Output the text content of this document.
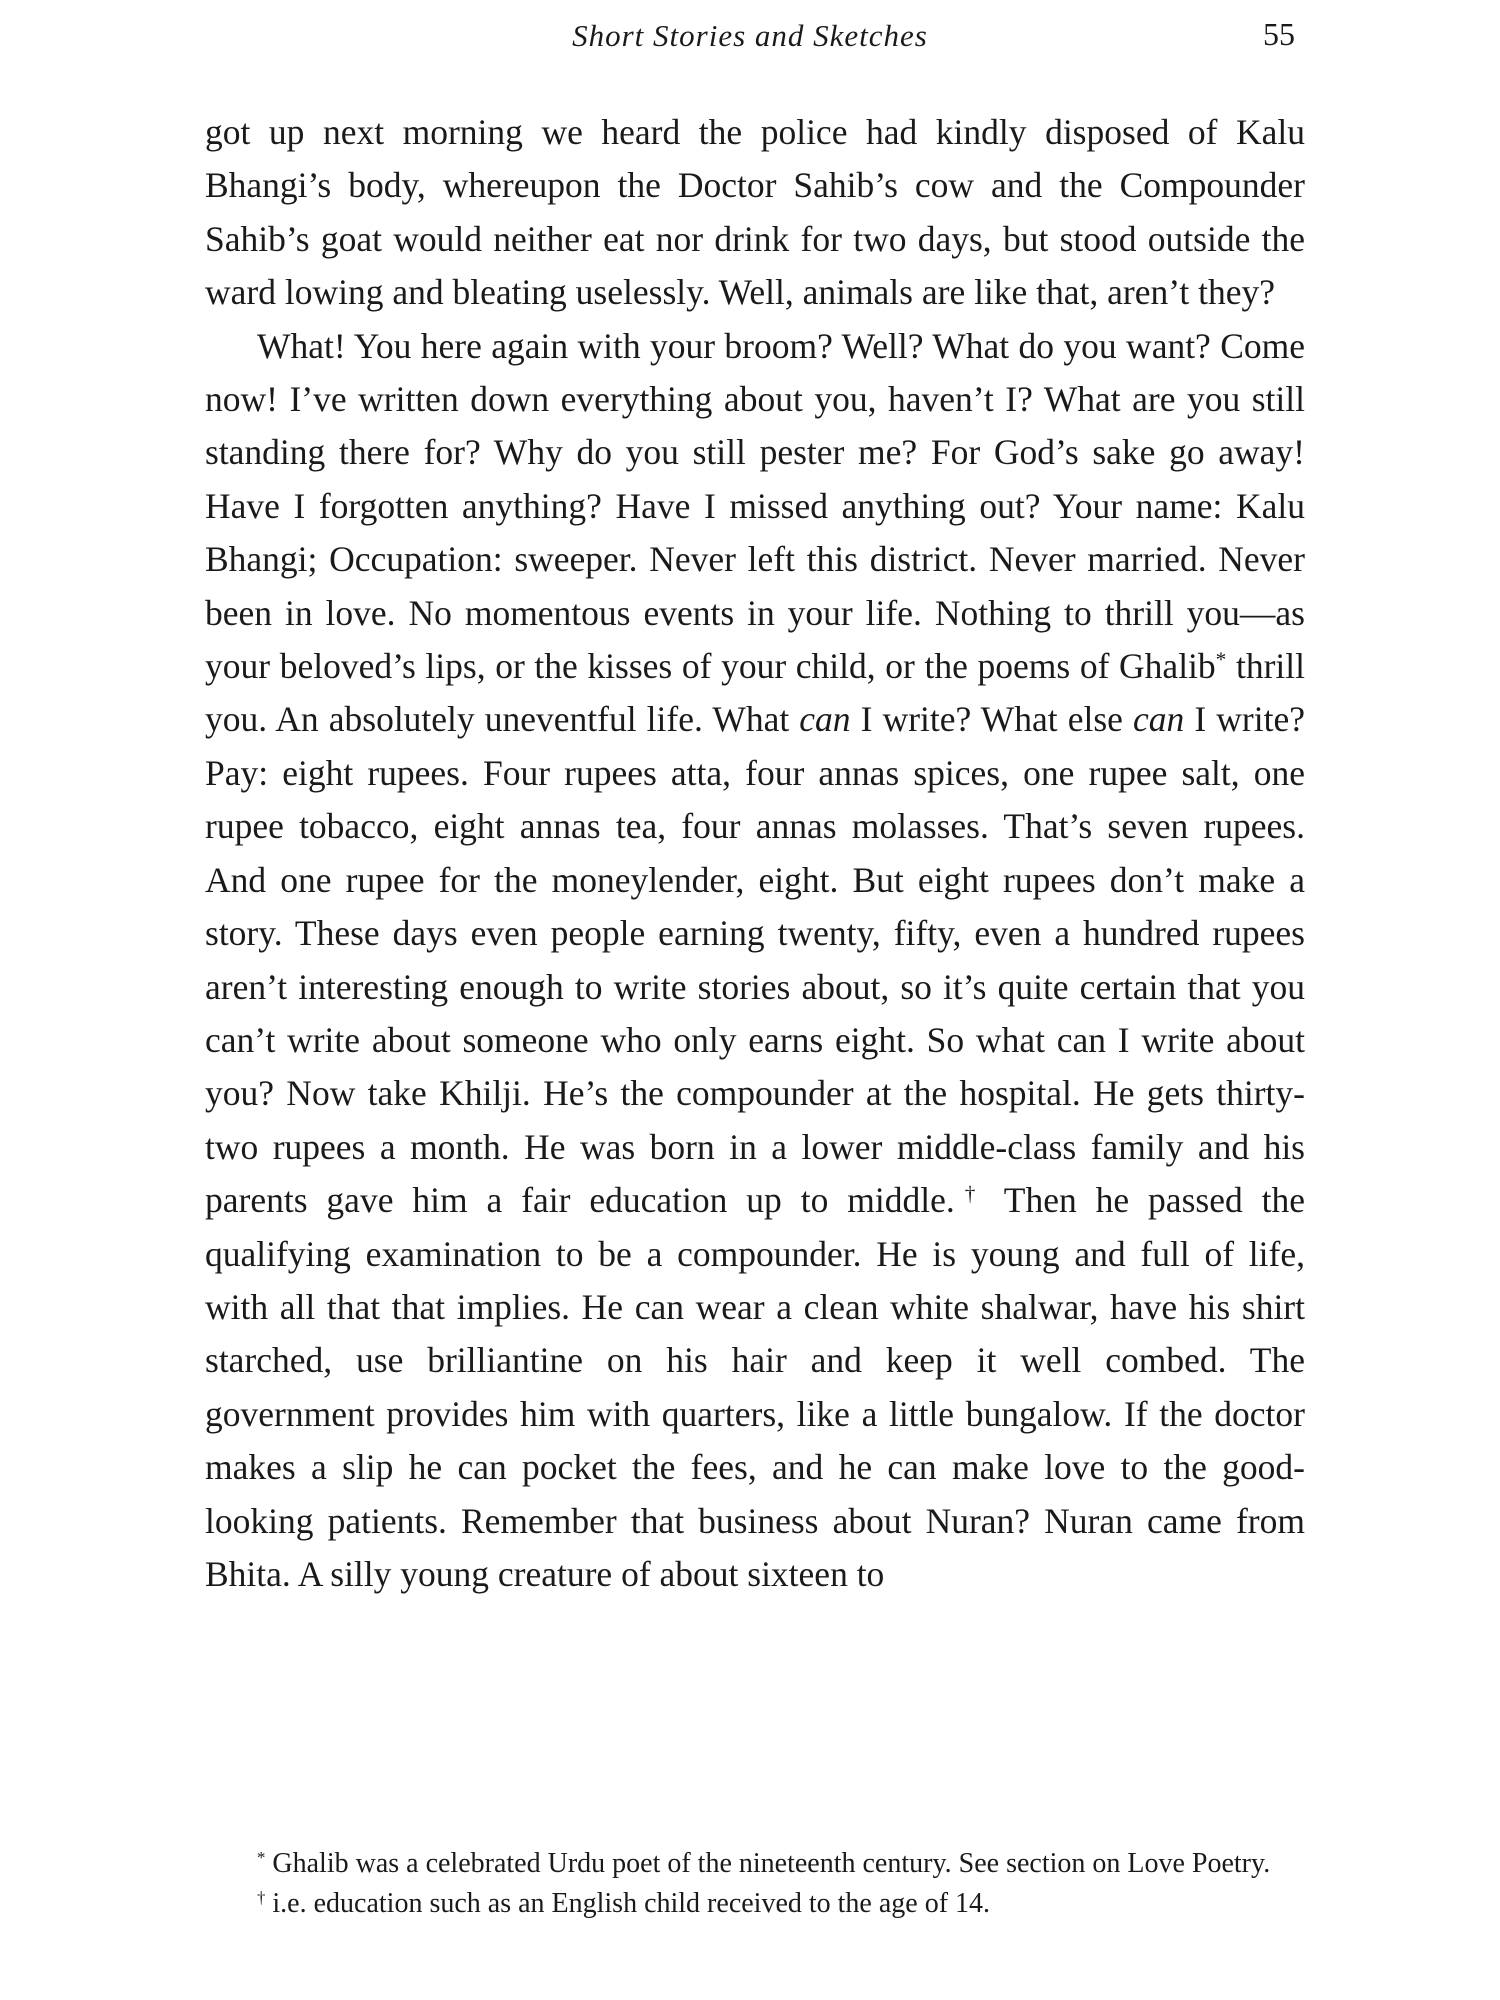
Short Stories and Sketches	55

got up next morning we heard the police had kindly disposed of Kalu Bhangi’s body, whereupon the Doctor Sahib’s cow and the Compounder Sahib’s goat would neither eat nor drink for two days, but stood outside the ward lowing and bleating uselessly. Well, animals are like that, aren’t they?

What! You here again with your broom? Well? What do you want? Come now! I’ve written down everything about you, haven’t I? What are you still standing there for? Why do you still pester me? For God’s sake go away! Have I forgotten anything? Have I missed anything out? Your name: Kalu Bhangi; Occupation: sweeper. Never left this district. Never married. Never been in love. No momentous events in your life. Nothing to thrill you—as your beloved’s lips, or the kisses of your child, or the poems of Ghalib* thrill you. An absolutely uneventful life. What can I write? What else can I write? Pay: eight rupees. Four rupees atta, four annas spices, one rupee salt, one rupee tobacco, eight annas tea, four annas molasses. That’s seven rupees. And one rupee for the moneylender, eight. But eight rupees don’t make a story. These days even people earning twenty, fifty, even a hundred rupees aren’t interesting enough to write stories about, so it’s quite certain that you can’t write about someone who only earns eight. So what can I write about you? Now take Khilji. He’s the compounder at the hospital. He gets thirty-two rupees a month. He was born in a lower middle-class family and his parents gave him a fair education up to middle.† Then he passed the qualifying examination to be a compounder. He is young and full of life, with all that that implies. He can wear a clean white shalwar, have his shirt starched, use brilliantine on his hair and keep it well combed. The government provides him with quarters, like a little bungalow. If the doctor makes a slip he can pocket the fees, and he can make love to the good-looking patients. Remember that business about Nuran? Nuran came from Bhita. A silly young creature of about sixteen to

* Ghalib was a celebrated Urdu poet of the nineteenth century. See section on Love Poetry.

† i.e. education such as an English child received to the age of 14.
